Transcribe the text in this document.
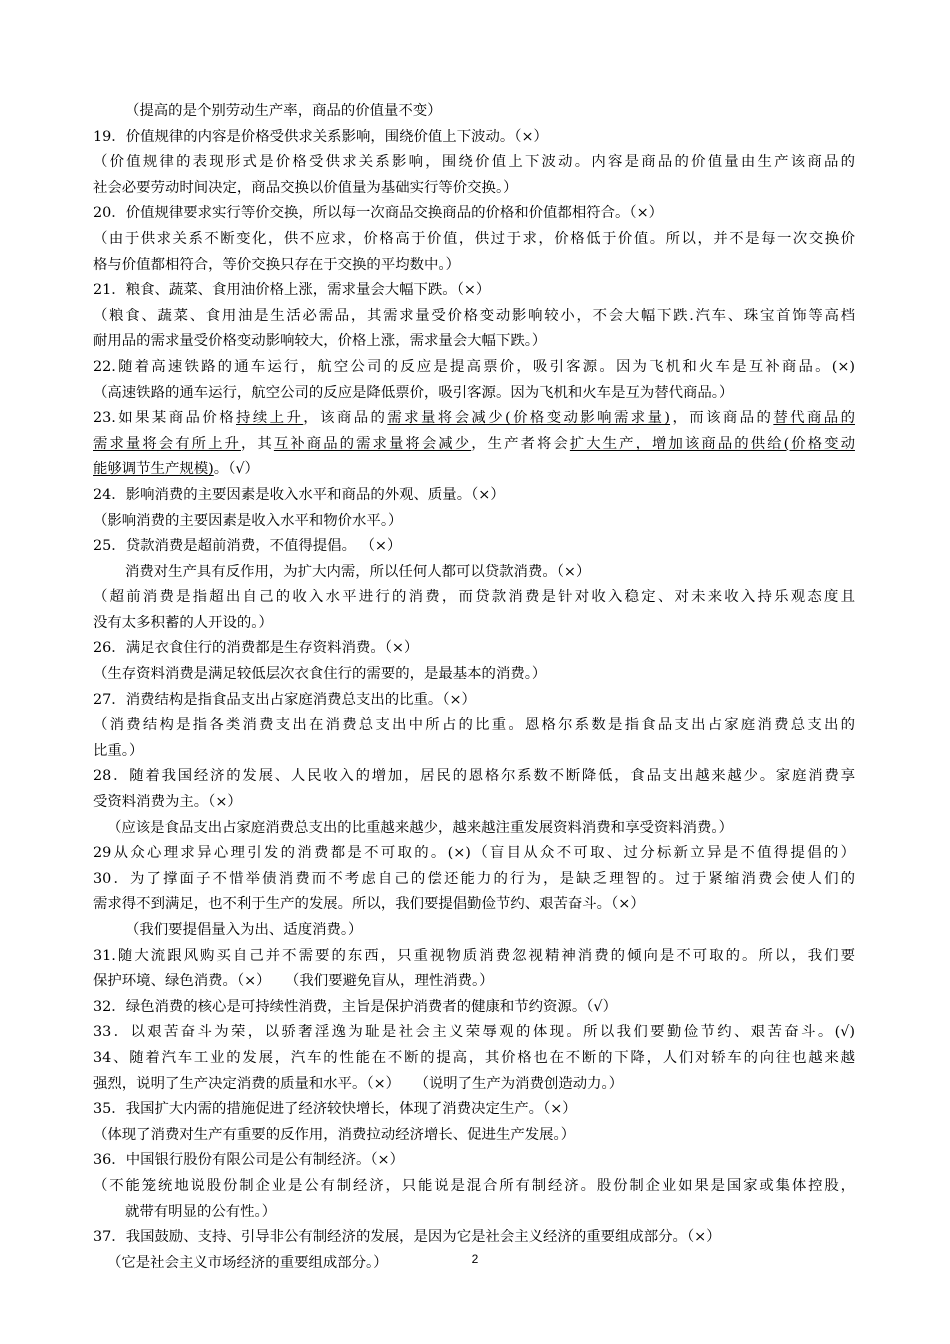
（提高的是个别劳动生产率，商品的价值量不变）
19．价值规律的内容是价格受供求关系影响，围绕价值上下波动。（×）
（价值规律的表现形式是价格受供求关系影响，围绕价值上下波动。内容是商品的价值量由生产该商品的
社会必要劳动时间决定，商品交换以价值量为基础实行等价交换。）
20．价值规律要求实行等价交换，所以每一次商品交换商品的价格和价值都相符合。（×）
（由于供求关系不断变化，供不应求，价格高于价值，供过于求，价格低于价值。所以，并不是每一次交换价
格与价值都相符合，等价交换只存在于交换的平均数中。）
21．粮食、蔬菜、食用油价格上涨，需求量会大幅下跌。（×）
（粮食、蔬菜、食用油是生活必需品，其需求量受价格变动影响较小，不会大幅下跌.汽车、珠宝首饰等高档
耐用品的需求量受价格变动影响较大，价格上涨，需求量会大幅下跌。）
22.随着高速铁路的通车运行，航空公司的反应是提高票价，吸引客源。因为飞机和火车是互补商品。(×)
（高速铁路的通车运行，航空公司的反应是降低票价，吸引客源。因为飞机和火车是互为替代商品。）
23.如果某商品价格持续上升，该商品的需求量将会减少(价格变动影响需求量)，而该商品的替代商品的
需求量将会有所上升，其互补商品的需求量将会减少，生产者将会扩大生产，增加该商品的供给(价格变动
能够调节生产规模)。（√）
24．影响消费的主要因素是收入水平和商品的外观、质量。（×）
（影响消费的主要因素是收入水平和物价水平。）
25．贷款消费是超前消费，不值得提倡。 （×）
消费对生产具有反作用，为扩大内需，所以任何人都可以贷款消费。（×）
（超前消费是指超出自己的收入水平进行的消费，而贷款消费是针对收入稳定、对未来收入持乐观态度且
没有太多积蓄的人开设的。）
26．满足衣食住行的消费都是生存资料消费。（×）
（生存资料消费是满足较低层次衣食住行的需要的，是最基本的消费。）
27．消费结构是指食品支出占家庭消费总支出的比重。（×）
（消费结构是指各类消费支出在消费总支出中所占的比重。恩格尔系数是指食品支出占家庭消费总支出的
比重。）
28．随着我国经济的发展、人民收入的增加，居民的恩格尔系数不断降低，食品支出越来越少。家庭消费享
受资料消费为主。（×）
（应该是食品支出占家庭消费总支出的比重越来越少，越来越注重发展资料消费和享受资料消费。）
29从众心理求异心理引发的消费都是不可取的。(×)（盲目从众不可取、过分标新立异是不值得提倡的）
30．为了撑面子不惜举债消费而不考虑自己的偿还能力的行为，是缺乏理智的。过于紧缩消费会使人们的
需求得不到满足，也不利于生产的发展。所以，我们要提倡勤俭节约、艰苦奋斗。（×）
（我们要提倡量入为出、适度消费。）
31.随大流跟风购买自己并不需要的东西，只重视物质消费忽视精神消费的倾向是不可取的。所以，我们要
保护环境、绿色消费。（×）　　（我们要避免盲从，理性消费。）
32．绿色消费的核心是可持续性消费，主旨是保护消费者的健康和节约资源。（√）
33．以艰苦奋斗为荣，以骄奢淫逸为耻是社会主义荣辱观的体现。所以我们要勤俭节约、艰苦奋斗。(√)
34、随着汽车工业的发展，汽车的性能在不断的提高，其价格也在不断的下降，人们对轿车的向往也越来越
强烈，说明了生产决定消费的质量和水平。（×）　　（说明了生产为消费创造动力。）
35．我国扩大内需的措施促进了经济较快增长，体现了消费决定生产。（×）
（体现了消费对生产有重要的反作用，消费拉动经济增长、促进生产发展。）
36．中国银行股份有限公司是公有制经济。（×）
（不能笼统地说股份制企业是公有制经济，只能说是混合所有制经济。股份制企业如果是国家或集体控股，
就带有明显的公有性。）
37．我国鼓励、支持、引导非公有制经济的发展，是因为它是社会主义经济的重要组成部分。（×）
（它是社会主义市场经济的重要组成部分。）	2
